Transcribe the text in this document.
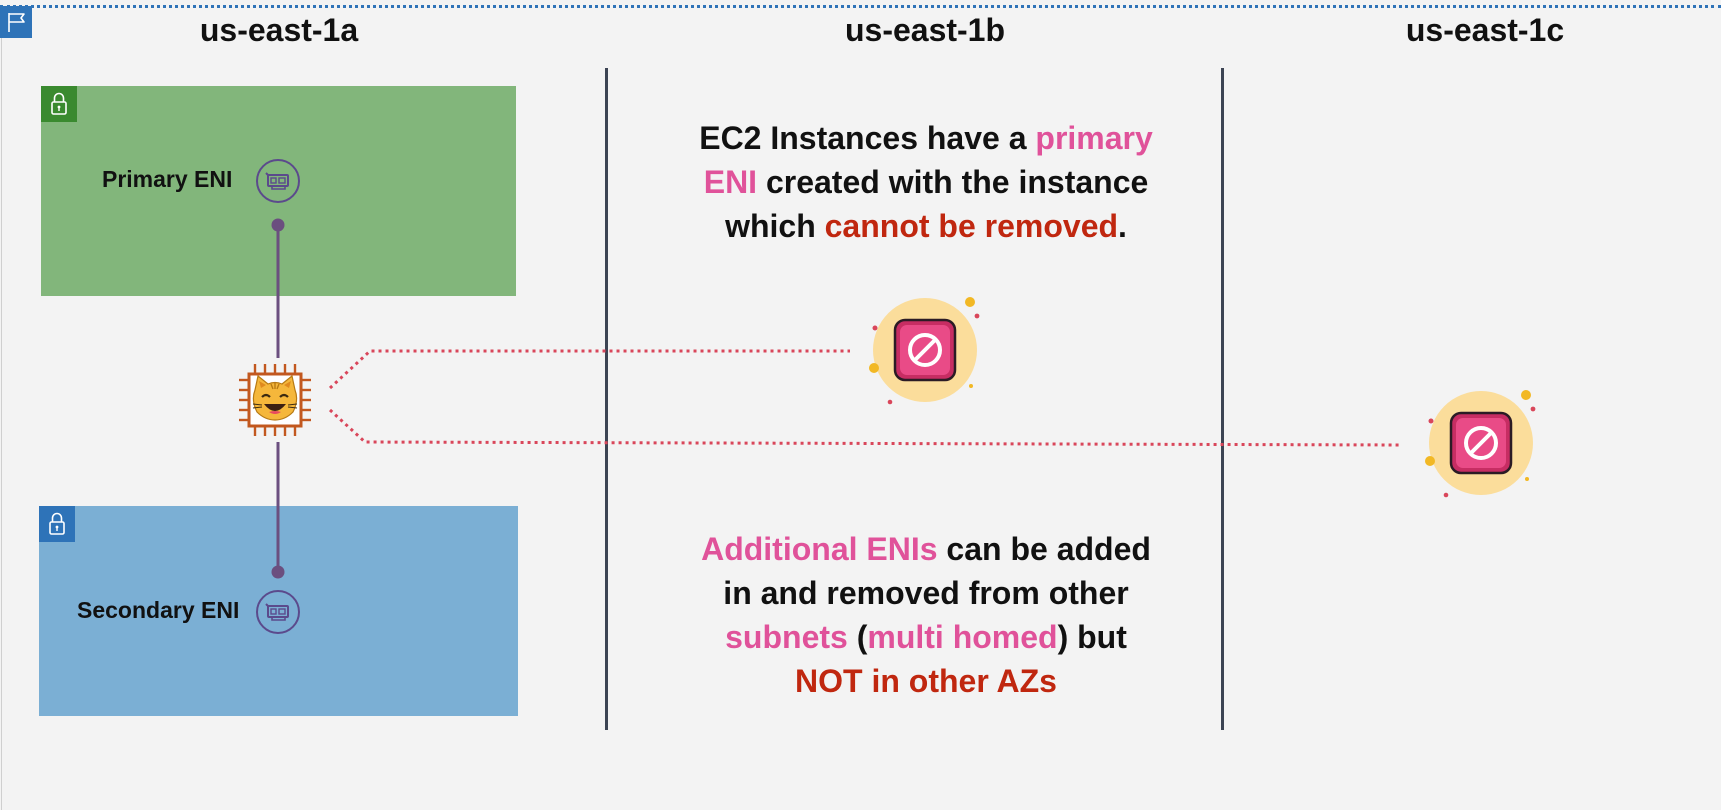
us-east-1a	us-east-1b	us-east-1c
Primary ENI
Secondary ENI
EC2 Instances have a primary
ENI created with the instance
which cannot be removed.
Additional ENIs can be added
in and removed from other
subnets (multi homed) but
NOT in other AZs
